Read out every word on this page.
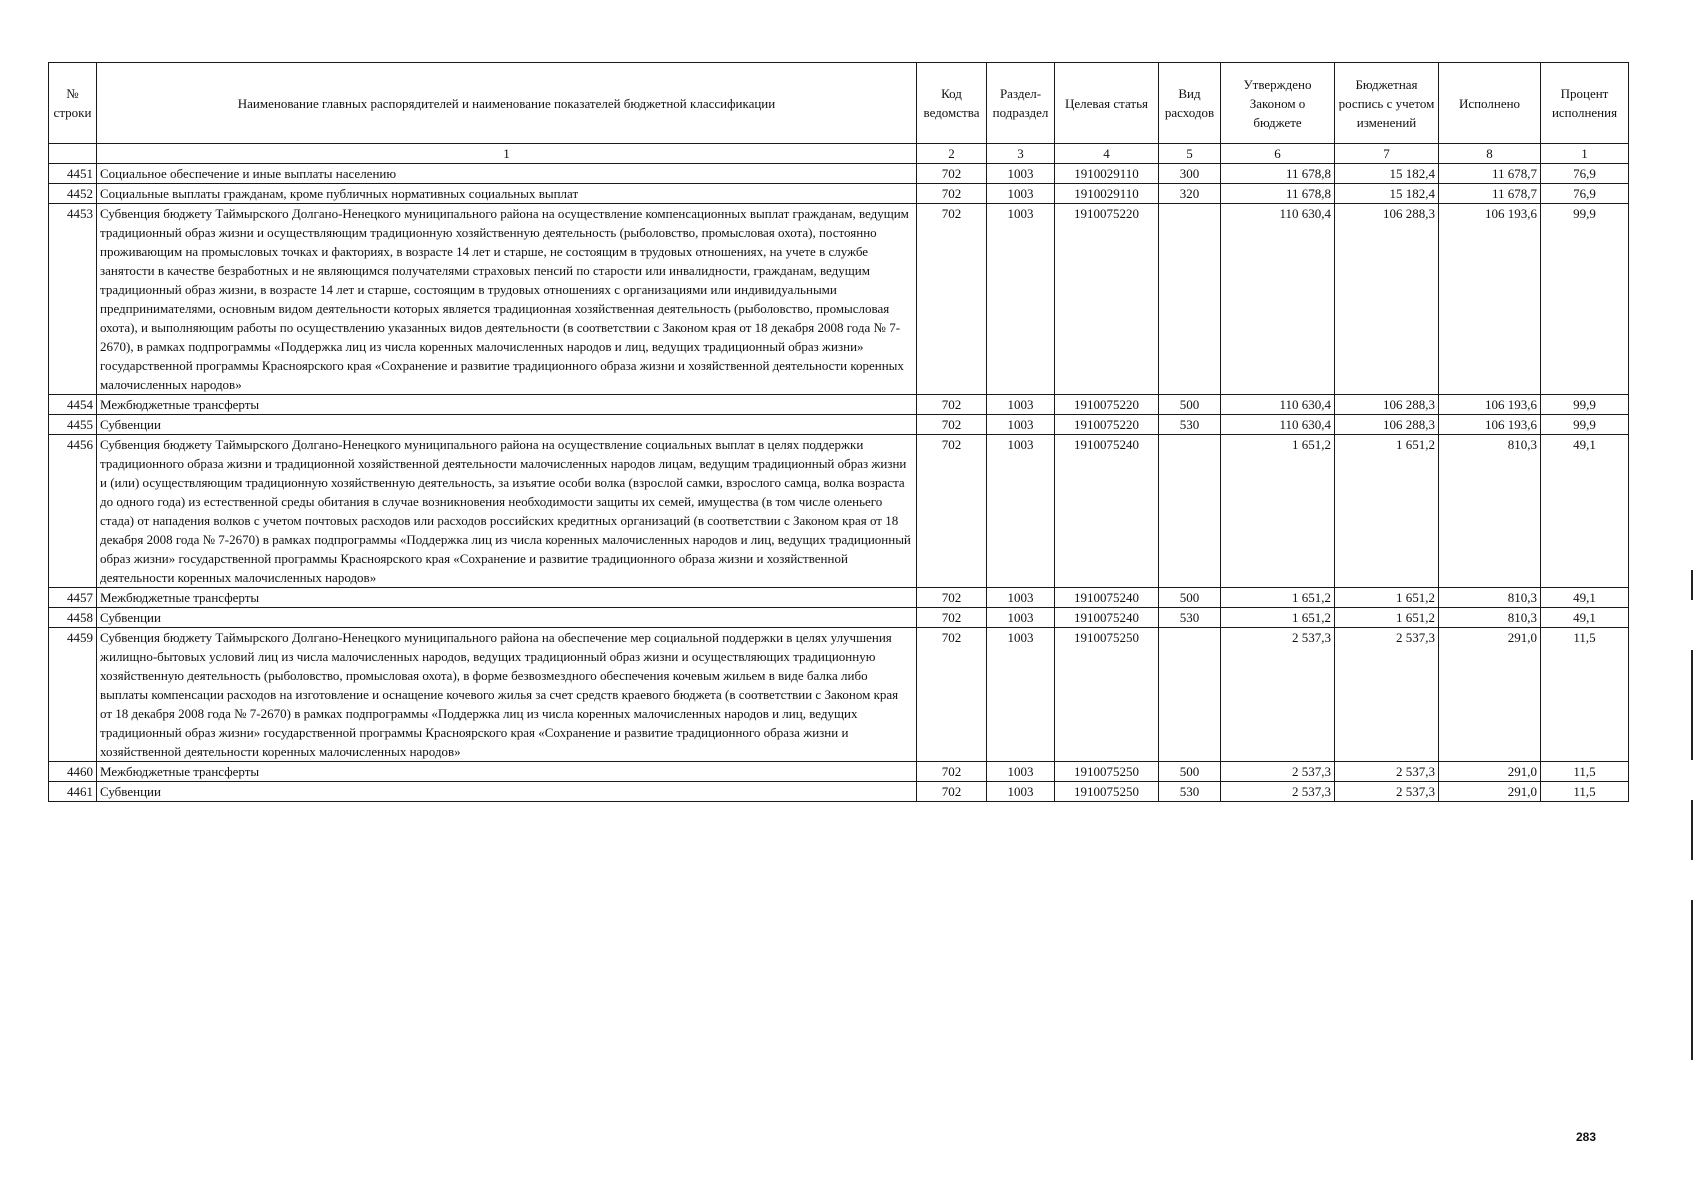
№ строки	Наименование главных распорядителей и наименование показателей бюджетной классификации	Код ведомства	Раздел-подраздел	Целевая статья	Вид расходов	Утверждено Законом о бюджете	Бюджетная роспись с учетом изменений	Исполнено	Процент исполнения
	1	2	3	4	5	6	7	8	1
4451	Социальное обеспечение и иные выплаты населению	702	1003	1910029110	300	11 678,8	15 182,4	11 678,7	76,9
4452	Социальные выплаты гражданам, кроме публичных нормативных социальных выплат	702	1003	1910029110	320	11 678,8	15 182,4	11 678,7	76,9
4453	Субвенция бюджету Таймырского Долгано-Ненецкого муниципального района на осуществление компенсационных выплат гражданам, ведущим традиционный образ жизни и осуществляющим традиционную хозяйственную деятельность (рыболовство, промысловая охота), постоянно проживающим на промысловых точках и факториях, в возрасте 14 лет и старше, не состоящим в трудовых отношениях, на учете в службе занятости в качестве безработных и не являющимся получателями страховых пенсий по старости или инвалидности, гражданам, ведущим традиционный образ жизни, в возрасте 14 лет и старше, состоящим в трудовых отношениях с организациями или индивидуальными предпринимателями, основным видом деятельности которых является традиционная хозяйственная деятельность (рыболовство, промысловая охота), и выполняющим работы по осуществлению указанных видов деятельности (в соответствии с Законом края от 18 декабря 2008 года № 7-2670), в рамках подпрограммы «Поддержка лиц из числа коренных малочисленных народов и лиц, ведущих традиционный образ жизни» государственной программы Красноярского края «Сохранение и развитие традиционного образа жизни и хозяйственной деятельности коренных малочисленных народов»	702	1003	1910075220		110 630,4	106 288,3	106 193,6	99,9
4454	Межбюджетные трансферты	702	1003	1910075220	500	110 630,4	106 288,3	106 193,6	99,9
4455	Субвенции	702	1003	1910075220	530	110 630,4	106 288,3	106 193,6	99,9
4456	Субвенция бюджету Таймырского Долгано-Ненецкого муниципального района на осуществление социальных выплат в целях поддержки традиционного образа жизни и традиционной хозяйственной деятельности малочисленных народов лицам, ведущим традиционный образ жизни и (или) осуществляющим традиционную хозяйственную деятельность, за изъятие особи волка (взрослой самки, взрослого самца, волка возраста до одного года) из естественной среды обитания в случае возникновения необходимости защиты их семей, имущества (в том числе оленьего стада) от нападения волков с учетом почтовых расходов или расходов российских кредитных организаций (в соответствии с Законом края от 18 декабря 2008 года № 7-2670) в рамках подпрограммы «Поддержка лиц из числа коренных малочисленных народов и лиц, ведущих традиционный образ жизни» государственной программы Красноярского края «Сохранение и развитие традиционного образа жизни и хозяйственной деятельности коренных малочисленных народов»	702	1003	1910075240		1 651,2	1 651,2	810,3	49,1
4457	Межбюджетные трансферты	702	1003	1910075240	500	1 651,2	1 651,2	810,3	49,1
4458	Субвенции	702	1003	1910075240	530	1 651,2	1 651,2	810,3	49,1
4459	Субвенция бюджету Таймырского Долгано-Ненецкого муниципального района на обеспечение мер социальной поддержки в целях улучшения жилищно-бытовых условий лиц из числа малочисленных народов, ведущих традиционный образ жизни и осуществляющих традиционную хозяйственную деятельность (рыболовство, промысловая охота), в форме безвозмездного обеспечения кочевым жильем в виде балка либо выплаты компенсации расходов на изготовление и оснащение кочевого жилья за счет средств краевого бюджета (в соответствии с Законом края от 18 декабря 2008 года № 7-2670) в рамках подпрограммы «Поддержка лиц из числа коренных малочисленных народов и лиц, ведущих традиционный образ жизни» государственной программы Красноярского края «Сохранение и развитие традиционного образа жизни и хозяйственной деятельности коренных малочисленных народов»	702	1003	1910075250		2 537,3	2 537,3	291,0	11,5
4460	Межбюджетные трансферты	702	1003	1910075250	500	2 537,3	2 537,3	291,0	11,5
4461	Субвенции	702	1003	1910075250	530	2 537,3	2 537,3	291,0	11,5
283
